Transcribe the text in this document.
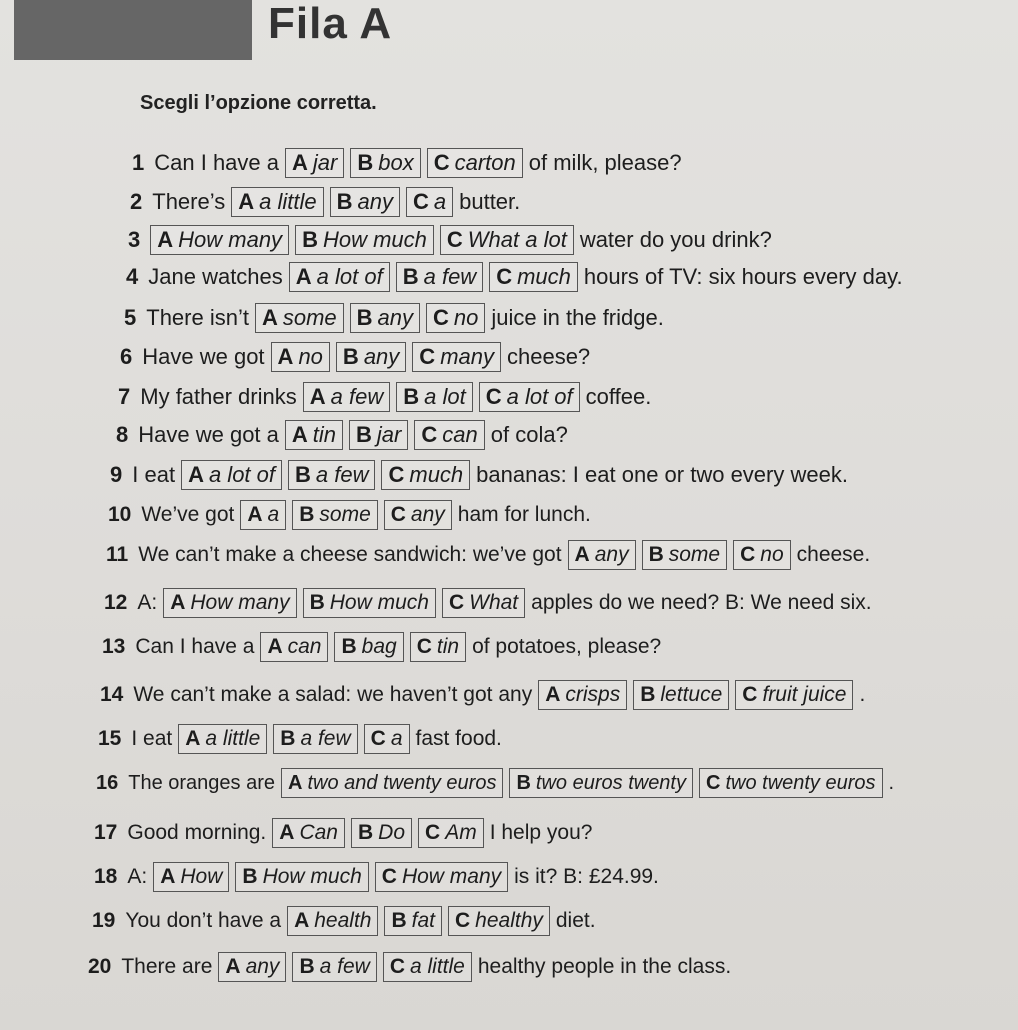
Fila A
Scegli l’opzione corretta.
1 Can I have a A jar B box C carton of milk, please?
2 There’s A a little B any C a butter.
3 A How many B How much C What a lot water do you drink?
4 Jane watches A a lot of B a few C much hours of TV: six hours every day.
5 There isn’t A some B any C no juice in the fridge.
6 Have we got A no B any C many cheese?
7 My father drinks A a few B a lot C a lot of coffee.
8 Have we got a A tin B jar C can of cola?
9 I eat A a lot of B a few C much bananas: I eat one or two every week.
10 We’ve got A a B some C any ham for lunch.
11 We can’t make a cheese sandwich: we’ve got A any B some C no cheese.
12 A: A How many B How much C What apples do we need? B: We need six.
13 Can I have a A can B bag C tin of potatoes, please?
14 We can’t make a salad: we haven’t got any A crisps B lettuce C fruit juice .
15 I eat A a little B a few C a fast food.
16 The oranges are A two and twenty euros B two euros twenty C two twenty euros .
17 Good morning. A Can B Do C Am I help you?
18 A: A How B How much C How many is it? B: £24.99.
19 You don’t have a A health B fat C healthy diet.
20 There are A any B a few C a little healthy people in the class.
